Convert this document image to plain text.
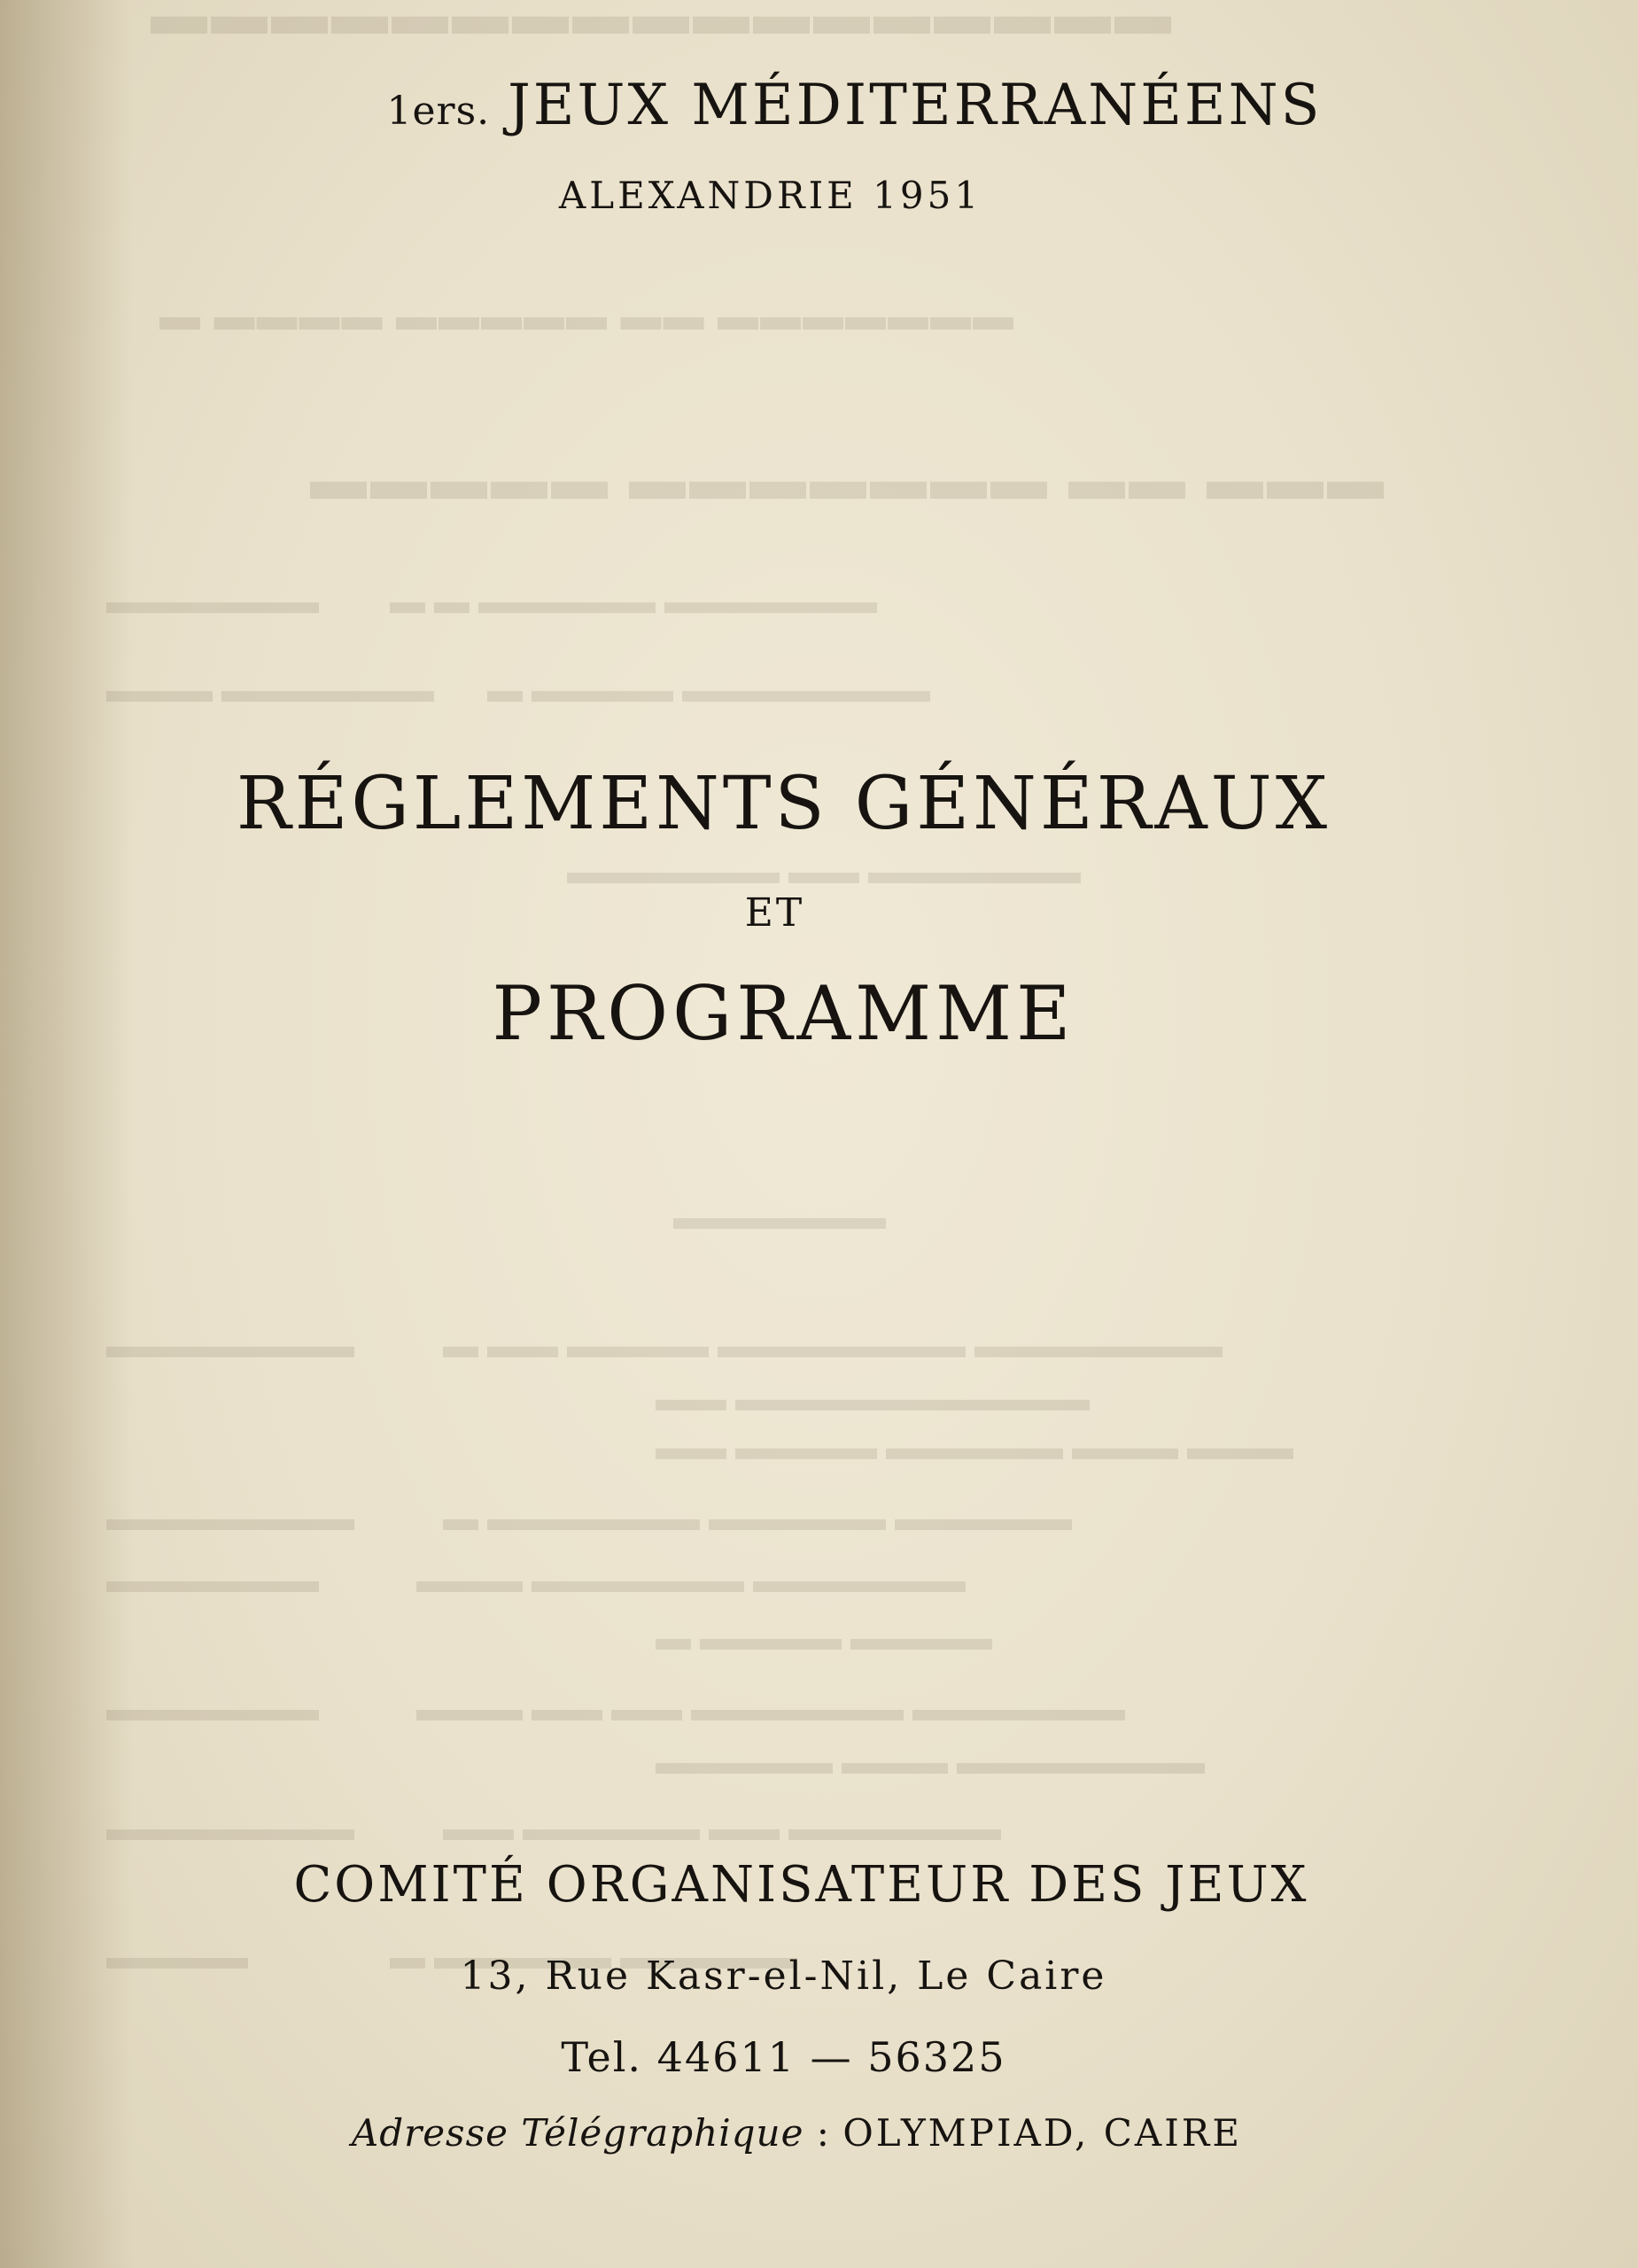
1ers. JEUX MÉDITERRANÉENS
ALEXANDRIE 1951
RÉGLEMENTS GÉNÉRAUX
ET
PROGRAMME
COMITÉ ORGANISATEUR DES JEUX
13, Rue Kasr-el-Nil, Le Caire
Tel. 44611 — 56325
Adresse Télégraphique : OLYMPIAD, CAIRE
